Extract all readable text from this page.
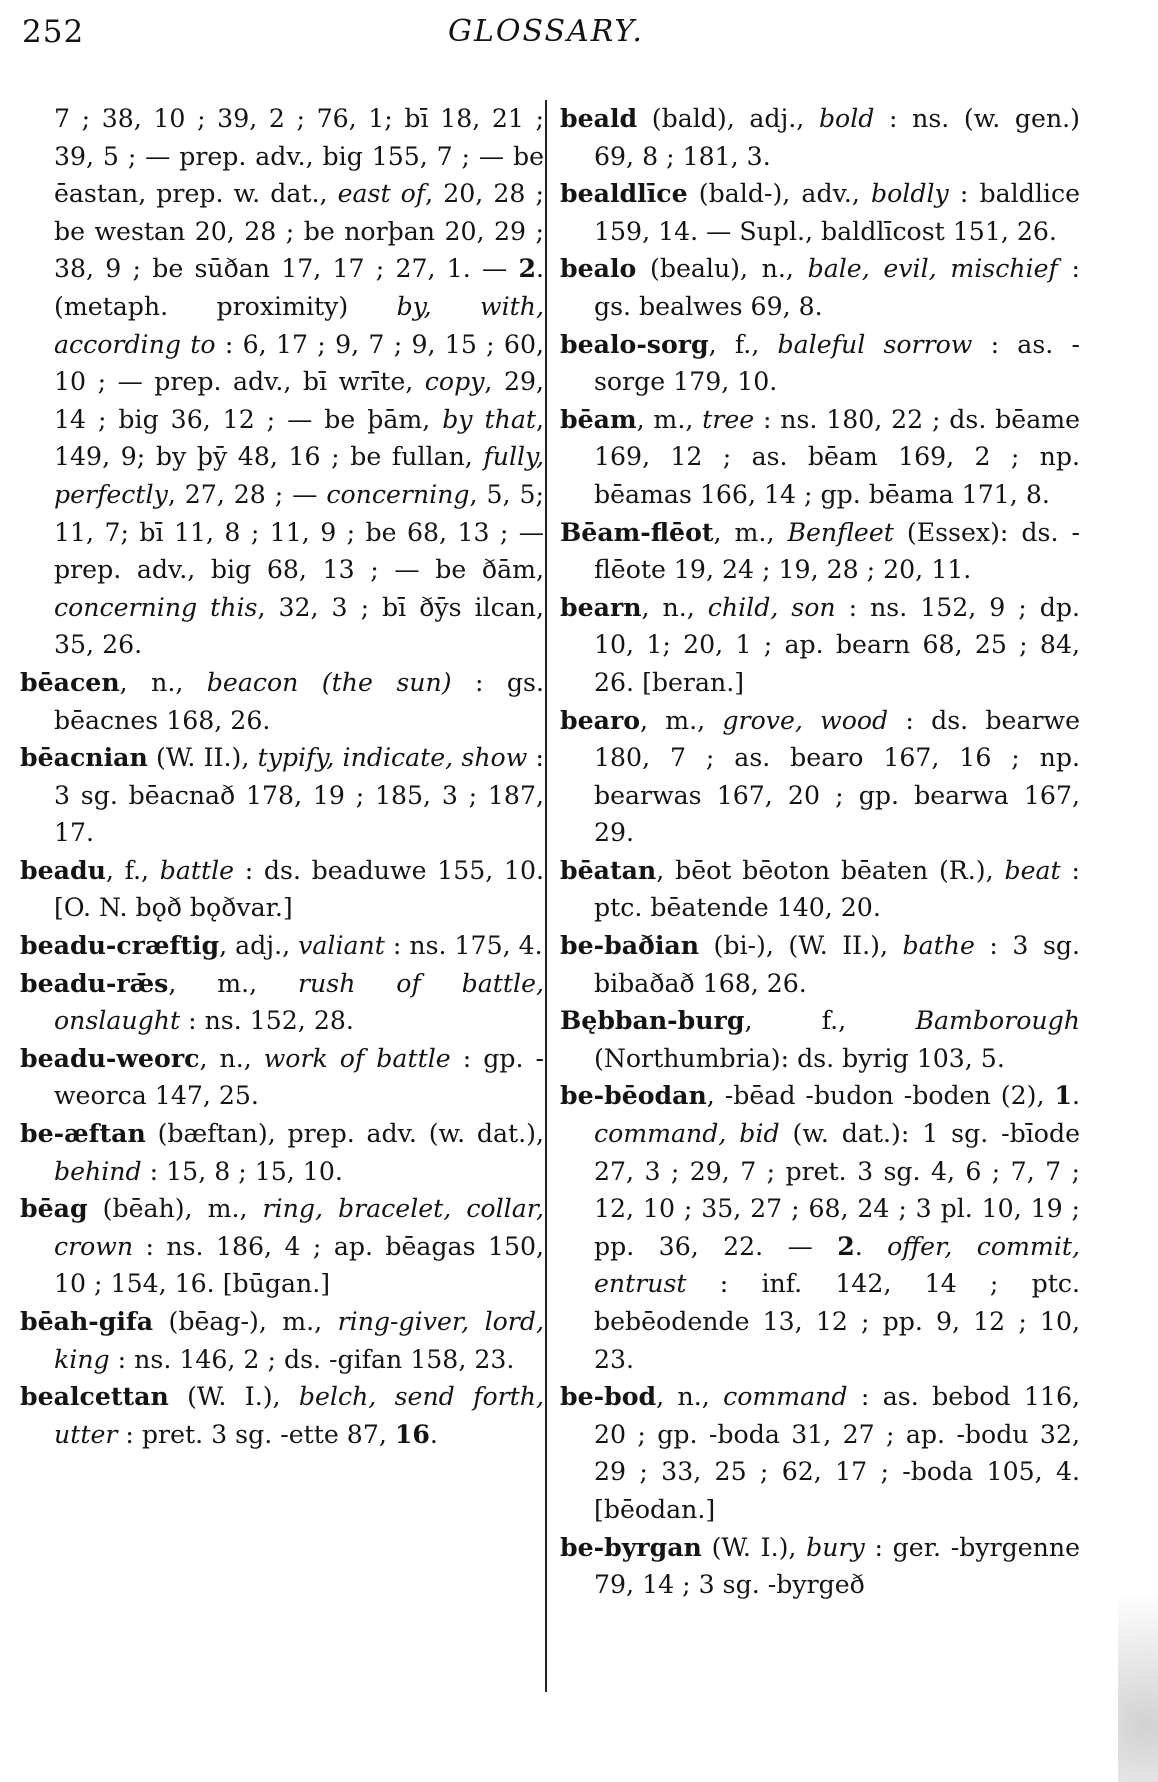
252	GLOSSARY.

7 ; 38, 10 ; 39, 2 ; 76, 1; bī 18, 21 ; 39, 5 ; — prep. adv., big 155, 7 ; — be ēastan, prep. w. dat., east of, 20, 28 ; be westan 20, 28 ; be norþan 20, 29 ; 38, 9 ; be sūðan 17, 17 ; 27, 1. — 2. (metaph. proximity) by, with, according to : 6, 17 ; 9, 7 ; 9, 15 ; 60, 10 ; — prep. adv., bī wrīte, copy, 29, 14 ; big 36, 12 ; — be þām, by that, 149, 9; by þȳ 48, 16 ; be fullan, fully, perfectly, 27, 28 ; — concerning, 5, 5; 11, 7; bī 11, 8 ; 11, 9 ; be 68, 13 ; — prep. adv., big 68, 13 ; — be ðām, concerning this, 32, 3 ; bī ðȳs ilcan, 35, 26.

bēacen, n., beacon (the sun) : gs. bēacnes 168, 26.

bēacnian (W. II.), typify, indicate, show : 3 sg. bēacnað 178, 19 ; 185, 3 ; 187, 17.

beadu, f., battle : ds. beaduwe 155, 10. [O. N. bǫð bǫðvar.]

beadu-cræftig, adj., valiant : ns. 175, 4.

beadu-rǣs, m., rush of battle, onslaught : ns. 152, 28.

beadu-weorc, n., work of battle : gp. -weorca 147, 25.

be-æftan (bæftan), prep. adv. (w. dat.), behind : 15, 8 ; 15, 10.

bēag (bēah), m., ring, bracelet, collar, crown : ns. 186, 4 ; ap. bēagas 150, 10 ; 154, 16. [būgan.]

bēah-gifa (bēag-), m., ring-giver, lord, king : ns. 146, 2 ; ds. -gifan 158, 23.

bealcettan (W. I.), belch, send forth, utter : pret. 3 sg. -ette 87, 16.

beald (bald), adj., bold : ns. (w. gen.) 69, 8 ; 181, 3.

bealdlīce (bald-), adv., boldly : baldlice 159, 14. — Supl., baldlīcost 151, 26.

bealo (bealu), n., bale, evil, mischief : gs. bealwes 69, 8.

bealo-sorg, f., baleful sorrow : as. -sorge 179, 10.

bēam, m., tree : ns. 180, 22 ; ds. bēame 169, 12 ; as. bēam 169, 2 ; np. bēamas 166, 14 ; gp. bēama 171, 8.

Bēam-flēot, m., Benfleet (Essex): ds. -flēote 19, 24 ; 19, 28 ; 20, 11.

bearn, n., child, son : ns. 152, 9 ; dp. 10, 1; 20, 1 ; ap. bearn 68, 25 ; 84, 26. [beran.]

bearo, m., grove, wood : ds. bearwe 180, 7 ; as. bearo 167, 16 ; np. bearwas 167, 20 ; gp. bearwa 167, 29.

bēatan, bēot bēoton bēaten (R.), beat : ptc. bēatende 140, 20.

be-baðian (bi-), (W. II.), bathe : 3 sg. bibaðað 168, 26.

Bębban-burg, f., Bamborough (Northumbria): ds. byrig 103, 5.

be-bēodan, -bēad -budon -boden (2), 1. command, bid (w. dat.): 1 sg. -bīode 27, 3 ; 29, 7 ; pret. 3 sg. 4, 6 ; 7, 7 ; 12, 10 ; 35, 27 ; 68, 24 ; 3 pl. 10, 19 ; pp. 36, 22. — 2. offer, commit, entrust : inf. 142, 14 ; ptc. bebēodende 13, 12 ; pp. 9, 12 ; 10, 23.

be-bod, n., command : as. bebod 116, 20 ; gp. -boda 31, 27 ; ap. -bodu 32, 29 ; 33, 25 ; 62, 17 ; -boda 105, 4. [bēodan.]

be-byrgan (W. I.), bury : ger. -byrgenne 79, 14 ; 3 sg. -byrgeð
